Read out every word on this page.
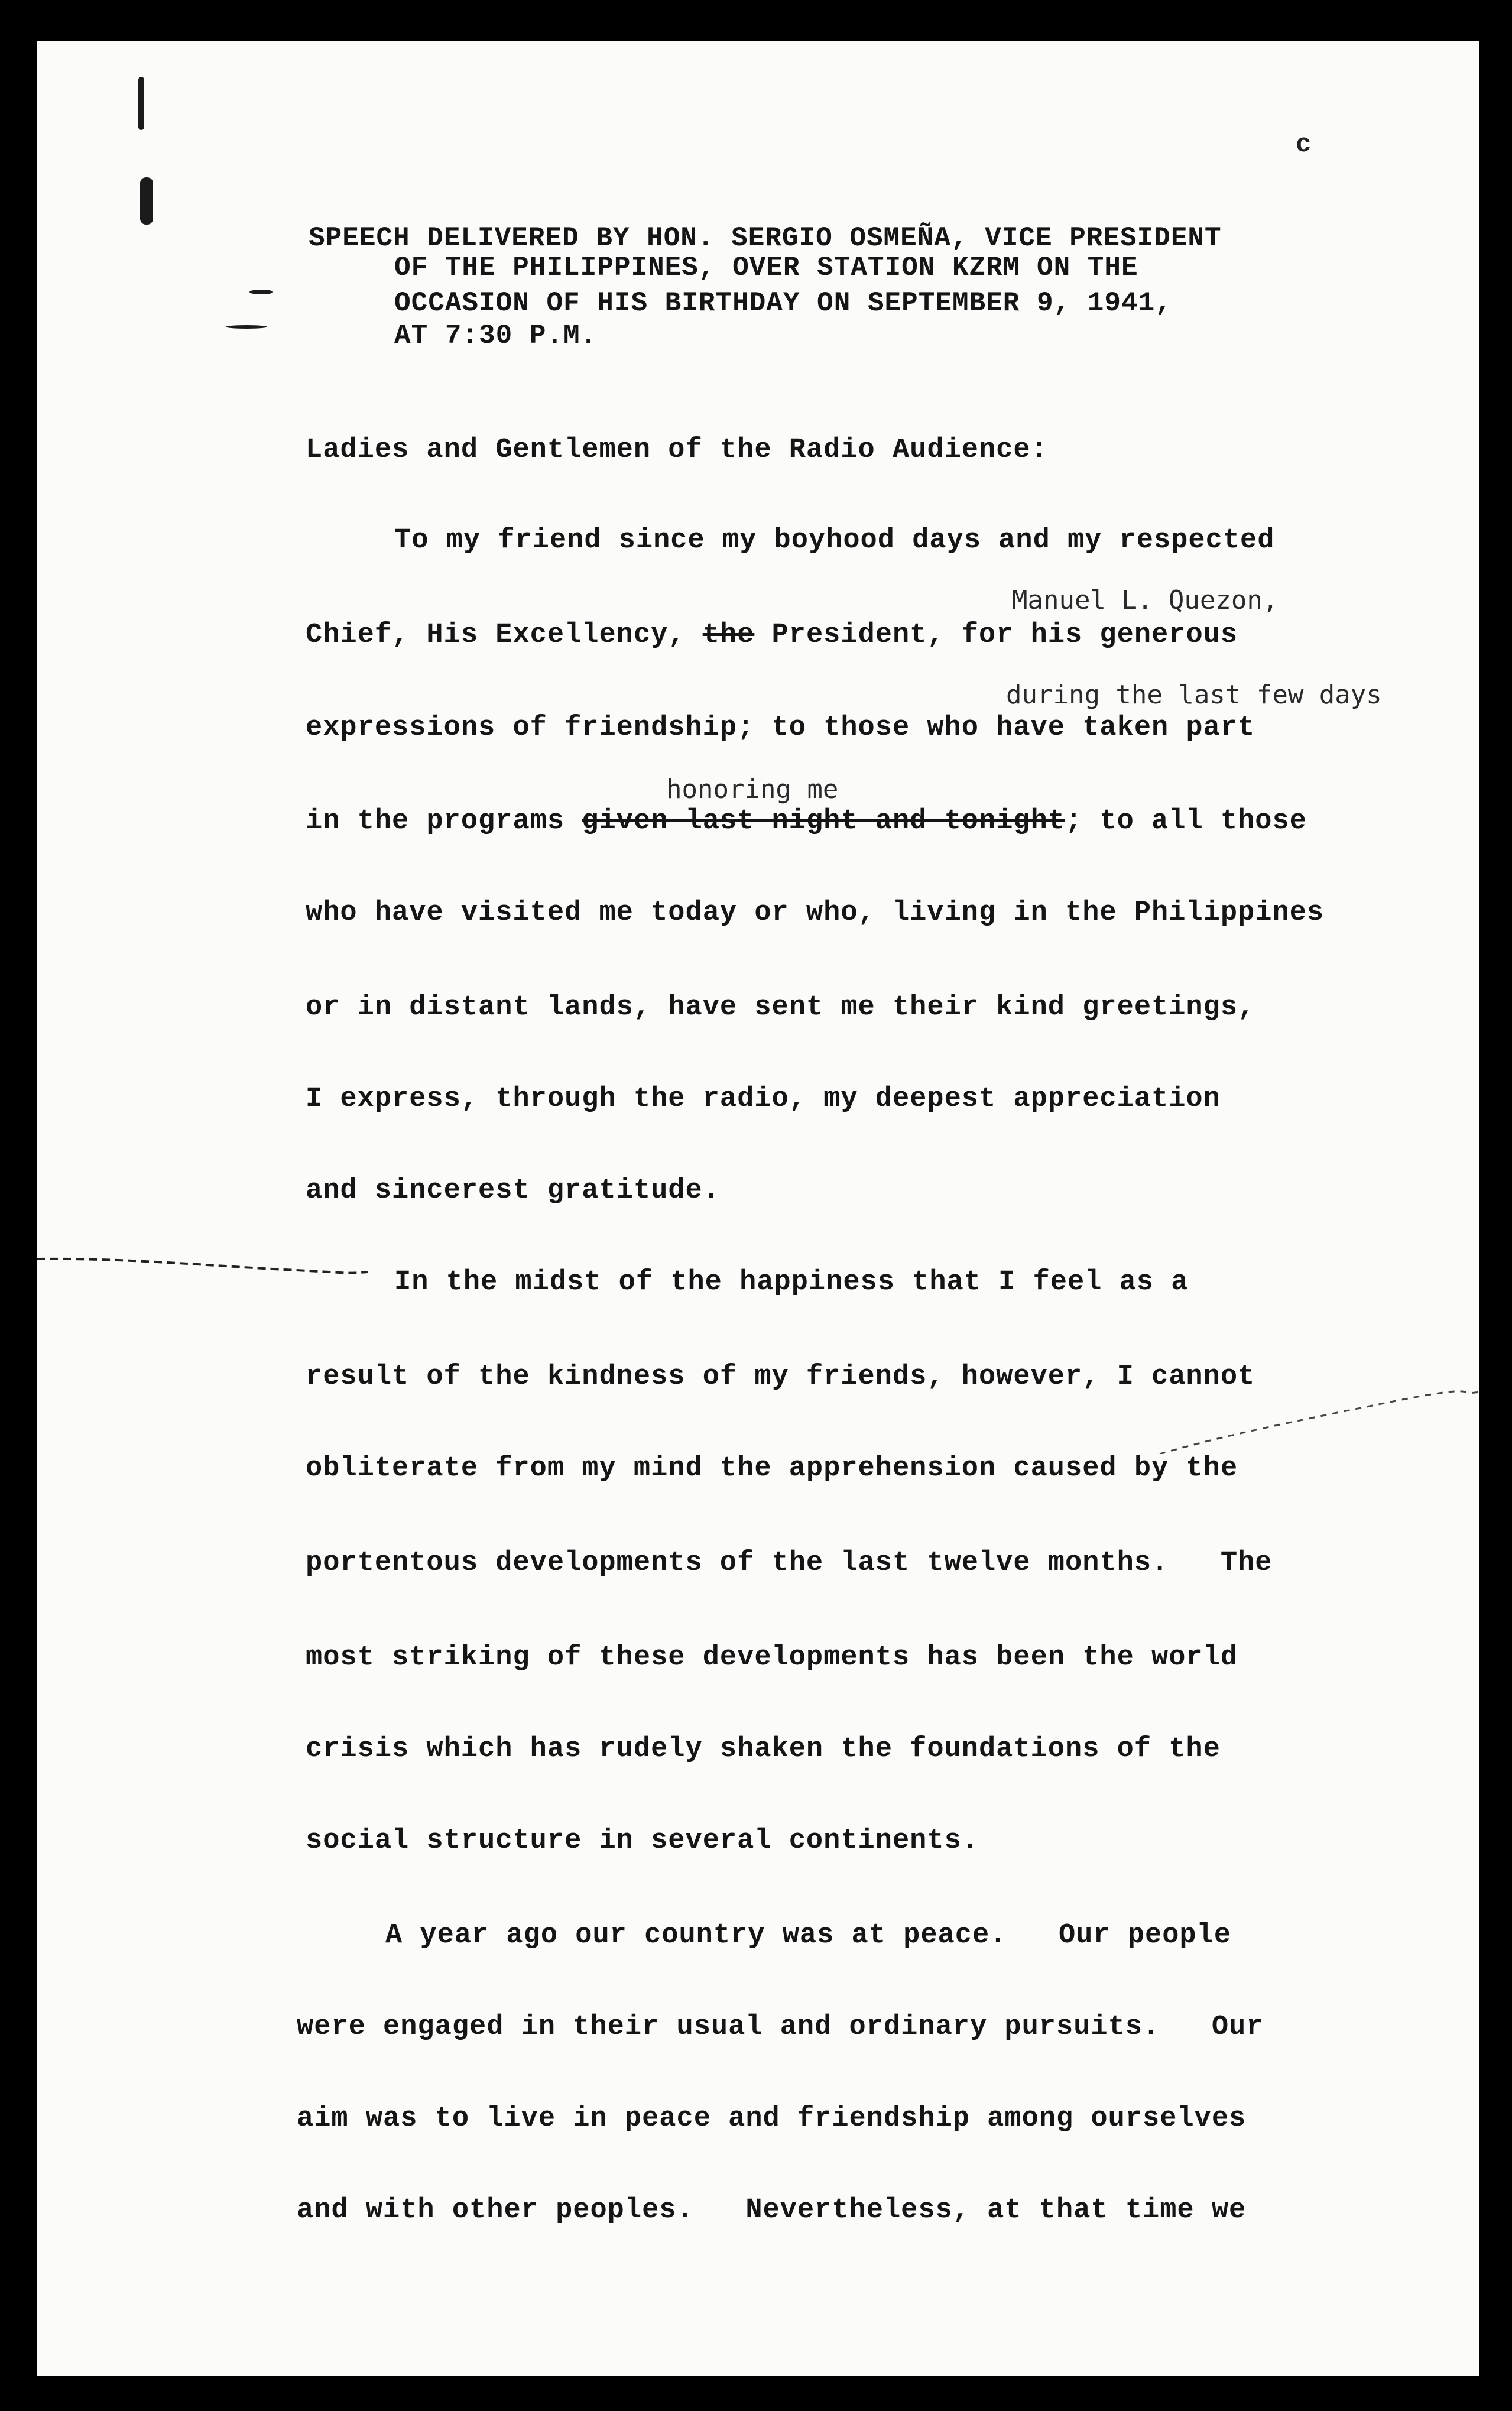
c
SPEECH DELIVERED BY HON. SERGIO OSMEÑA, VICE PRESIDENT
OF THE PHILIPPINES, OVER STATION KZRM ON THE
OCCASION OF HIS BIRTHDAY ON SEPTEMBER 9, 1941,
AT 7:30 P.M.
Ladies and Gentlemen of the Radio Audience:
To my friend since my boyhood days and my respected
Manuel L. Quezon,
Chief, His Excellency, the President, for his generous
during the last few days
expressions of friendship; to those who have taken part
honoring me
in the programs given last night and tonight; to all those
who have visited me today or who, living in the Philippines
or in distant lands, have sent me their kind greetings,
I express, through the radio, my deepest appreciation
and sincerest gratitude.
In the midst of the happiness that I feel as a
result of the kindness of my friends, however, I cannot
obliterate from my mind the apprehension caused by the
portentous developments of the last twelve months.   The
most striking of these developments has been the world
crisis which has rudely shaken the foundations of the
social structure in several continents.
A year ago our country was at peace.   Our people
were engaged in their usual and ordinary pursuits.   Our
aim was to live in peace and friendship among ourselves
and with other peoples.   Nevertheless, at that time we
